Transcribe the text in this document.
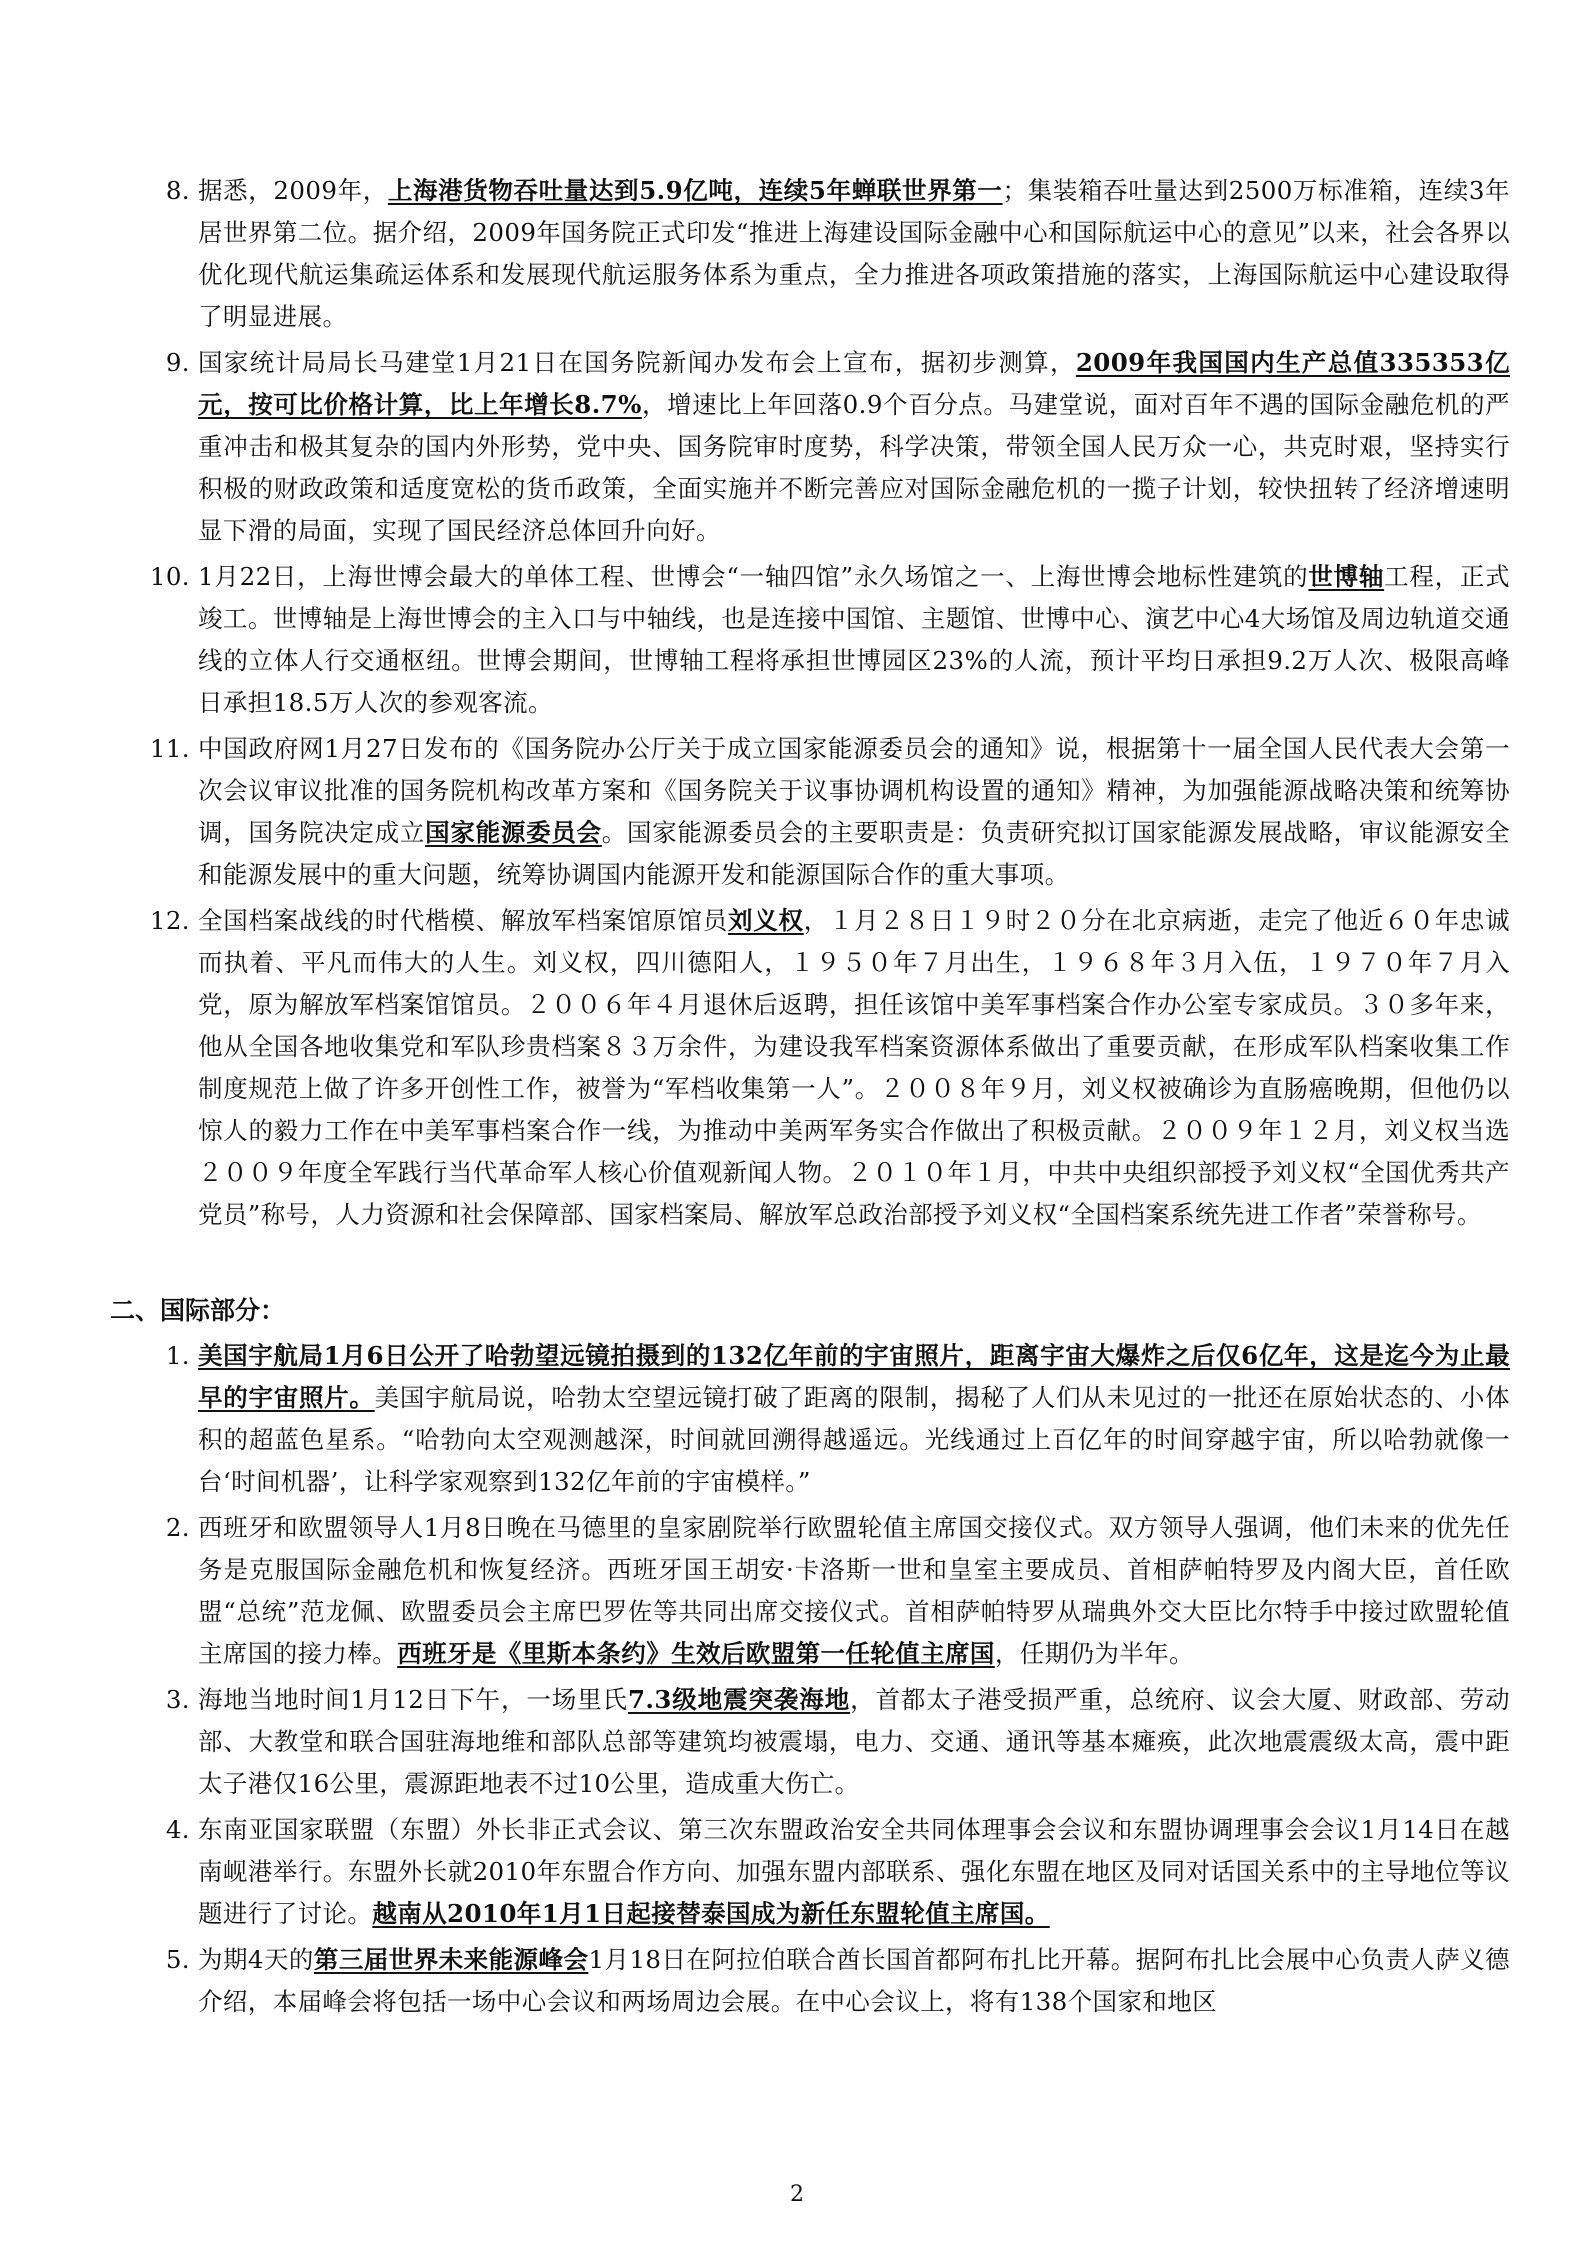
8. 据悉，2009年，上海港货物吞吐量达到5.9亿吨，连续5年蝉联世界第一；集装箱吞吐量达到2500万标准箱，连续3年居世界第二位。据介绍，2009年国务院正式印发“推进上海建设国际金融中心和国际航运中心的意见”以来，社会各界以优化现代航运集疏运体系和发展现代航运服务体系为重点，全力推进各项政策措施的落实，上海国际航运中心建设取得了明显进展。
9. 国家统计局局长马建堂1月21日在国务院新闻办发布会上宣布，据初步测算，2009年我国国内生产总值335353亿元，按可比价格计算，比上年增长8.7%，增速比上年回落0.9个百分点。马建堂说，面对百年不遇的国际金融危机的严重冲击和极其复杂的国内外形势，党中央、国务院审时度势，科学决策，带领全国人民万众一心，共克时艰，坚持实行积极的财政政策和适度宽松的货币政策，全面实施并不断完善应对国际金融危机的一揽子计划，较快扭转了经济增速明显下滑的局面，实现了国民经济总体回升向好。
10. 1月22日，上海世博会最大的单体工程、世博会“一轴四馆”永久场馆之一、上海世博会地标性建筑的世博轴工程，正式竣工。世博轴是上海世博会的主入口与中轴线，也是连接中国馆、主题馆、世博中心、演艺中心4大场馆及周边轨道交通线的立体人行交通枢纽。世博会期间，世博轴工程将承担世博园区23%的人流，预计平均日承担9.2万人次、极限高峰日承担18.5万人次的参观客流。
11. 中国政府网1月27日发布的《国务院办公厅关于成立国家能源委员会的通知》说，根据第十一届全国人民代表大会第一次会议审议批准的国务院机构改革方案和《国务院关于议事协调机构设置的通知》精神，为加强能源战略决策和统筹协调，国务院决定成立国家能源委员会。国家能源委员会的主要职责是：负责研究拟订国家能源发展战略，审议能源安全和能源发展中的重大问题，统筹协调国内能源开发和能源国际合作的重大事项。
12. 全国档案战线的时代楷模、解放军档案馆原馆员刘义权，１月２８日１９时２０分在北京病逝，走完了他近６０年忠诚而执着、平凡而伟大的人生。刘义权，四川德阳人，１９５０年７月出生，１９６８年３月入伍，１９７０年７月入党，原为解放军档案馆馆员。２００６年４月退休后返聘，担任该馆中美军事档案合作办公室专家成员。３０多年来，他从全国各地收集党和军队珍贵档案８３万余件，为建设我军档案资源体系做出了重要贡献，在形成军队档案收集工作制度规范上做了许多开创性工作，被誉为“军档收集第一人”。２００８年９月，刘义权被确诊为直肠癌晚期，但他仍以惊人的毅力工作在中美军事档案合作一线，为推动中美两军务实合作做出了积极贡献。２００９年１２月，刘义权当选２００９年度全军践行当代革命军人核心价值观新闻人物。２０１０年１月，中共中央组织部授予刘义权“全国优秀共产党员”称号，人力资源和社会保障部、国家档案局、解放军总政治部授予刘义权“全国档案系统先进工作者”荣誉称号。
二、国际部分：
1. 美国宇航局1月6日公开了哈勃望远镜拍摄到的132亿年前的宇宙照片，距离宇宙大爆炸之后仅6亿年，这是迄今为止最早的宇宙照片。美国宇航局说，哈勃太空望远镜打破了距离的限制，揭秘了人们从未见过的一批还在原始状态的、小体积的超蓝色星系。“哈勃向太空观测越深，时间就回溯得越遥远。光线通过上百亿年的时间穿越宇宙，所以哈勃就像一台‘时间机器’，让科学家观察到132亿年前的宇宙模样。”
2. 西班牙和欧盟领导人1月8日晚在马德里的皇家剧院举行欧盟轮值主席国交接仪式。双方领导人强调，他们未来的优先任务是克服国际金融危机和恢复经济。西班牙国王胡安·卡洛斯一世和皇室主要成员、首相萨帕特罗及内阁大臣，首任欧盟“总统”范龙佩、欧盟委员会主席巴罗佐等共同出席交接仪式。首相萨帕特罗从瑞典外交大臣比尔特手中接过欧盟轮值主席国的接力棒。西班牙是《里斯本条约》生效后欧盟第一任轮值主席国，任期仍为半年。
3. 海地当地时间1月12日下午，一场里氏7.3级地震突袭海地，首都太子港受损严重，总统府、议会大厦、财政部、劳动部、大教堂和联合国驻海地维和部队总部等建筑均被震塌，电力、交通、通讯等基本瘫痪，此次地震震级太高，震中距太子港仅16公里，震源距地表不过10公里，造成重大伤亡。
4. 东南亚国家联盟（东盟）外长非正式会议、第三次东盟政治安全共同体理事会会议和东盟协调理事会会议1月14日在越南岘港举行。东盟外长就2010年东盟合作方向、加强东盟内部联系、强化东盟在地区及同对话国关系中的主导地位等议题进行了讨论。越南从2010年1月1日起接替泰国成为新任东盟轮值主席国。
5. 为期4天的第三届世界未来能源峰会1月18日在阿拉伯联合酋长国首都阿布扎比开幕。据阿布扎比会展中心负责人萨义德介绍，本届峰会将包括一场中心会议和两场周边会展。在中心会议上，将有138个国家和地区
2
